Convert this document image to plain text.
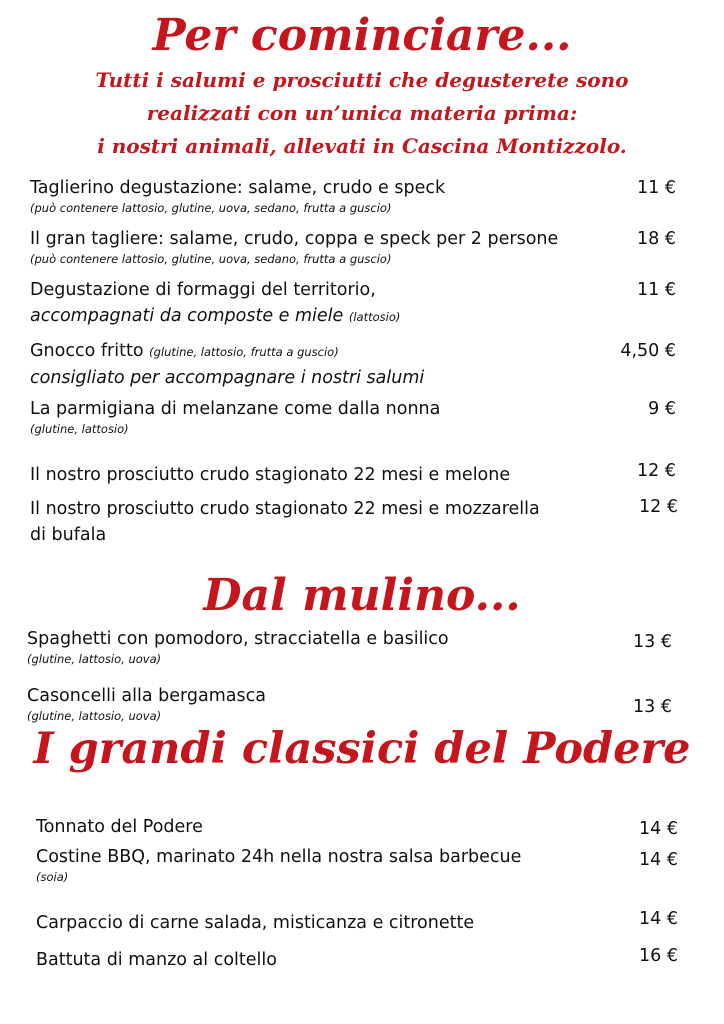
Per cominciare...

Tutti i salumi e prosciutti che degusterete sono

realizzati con un’unica materia prima:

i nostri animali, allevati in Cascina Montizzolo.

Taglierino degustazione: salame, crudo e speck
(può contenere lattosio, glutine, uova, sedano, frutta a guscio)
11 €
Il gran tagliere: salame, crudo, coppa e speck per 2 persone
(può contenere lattosio, glutine, uova, sedano, frutta a guscio)
18 €
Degustazione di formaggi del territorio,
accompagnati da composte e miele (lattosio)
11 €
Gnocco fritto (glutine, lattosio, frutta a guscio)
consigliato per accompagnare i nostri salumi
4,50 €
La parmigiana di melanzane come dalla nonna
(glutine, lattosio)
9 €
Il nostro prosciutto crudo stagionato 22 mesi e melone	12 €
Il nostro prosciutto crudo stagionato 22 mesi e mozzarella
di bufala
12 €
Dal mulino...
Spaghetti con pomodoro, stracciatella e basilico
(glutine, lattosio, uova)
13 €
Casoncelli alla bergamasca
(glutine, lattosio, uova)	13 €
I grandi classici del Podere
Tonnato del Podere	14 €
Costine BBQ, marinato 24h nella nostra salsa barbecue
(soia)
14 €
Carpaccio di carne salada, misticanza e citronette	14 €
Battuta di manzo al coltello	16 €
